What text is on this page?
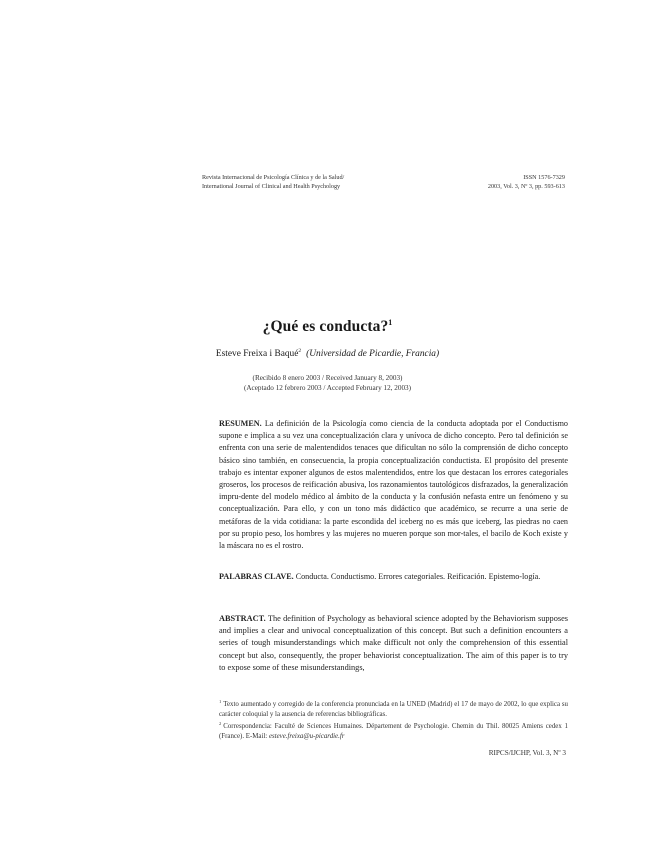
Revista Internacional de Psicología Clínica y de la Salud/
International Journal of Clinical and Health Psychology
ISSN 1576-7329
2003, Vol. 3, Nº 3, pp. 593-613
¿Qué es conducta?$^1$
Esteve Freixa i Baqué$^2$ (Universidad de Picardie, Francia)
(Recibido 8 enero 2003 / Received January 8, 2003)
(Aceptado 12 febrero 2003 / Accepted February 12, 2003)

RESUMEN. La definición de la Psicología como ciencia de la conducta adoptada por el Conductismo supone e implica a su vez una conceptualización clara y unívoca de dicho concepto. Pero tal definición se enfrenta con una serie de malentendidos tenaces que dificultan no sólo la comprensión de dicho concepto básico sino también, en consecuencia, la propia conceptualización conductista. El propósito del presente trabajo es intentar exponer algunos de estos malentendidos, entre los que destacan los errores categoriales groseros, los procesos de reificación abusiva, los razonamientos tautológicos disfrazados, la generalización impru-dente del modelo médico al ámbito de la conducta y la confusión nefasta entre un fenómeno y su conceptualización. Para ello, y con un tono más didáctico que académico, se recurre a una serie de metáforas de la vida cotidiana: la parte escondida del iceberg no es más que iceberg, las piedras no caen por su propio peso, los hombres y las mujeres no mueren porque son mor-tales, el bacilo de Koch existe y la máscara no es el rostro.

PALABRAS CLAVE. Conducta. Conductismo. Errores categoriales. Reificación. Epistemo-logía.

ABSTRACT. The definition of Psychology as behavioral science adopted by the Behaviorism supposes and implies a clear and univocal conceptualization of this concept. But such a definition encounters a series of tough misunderstandings which make difficult not only the comprehension of this essential concept but also, consequently, the proper behaviorist conceptualization. The aim of this paper is to try to expose some of these misunderstandings,

$^1$ Texto aumentado y corregido de la conferencia pronunciada en la UNED (Madrid) el 17 de mayo de 2002, lo que explica su carácter coloquial y la ausencia de referencias bibliográficas.

$^2$ Correspondencia: Faculté de Sciences Humaines. Département de Psychologie. Chemin du Thil. 80025 Amiens cedex 1 (France). E-Mail: esteve.freixa@u-picardie.fr

RIPCS/IJCHP, Vol. 3, Nº 3
